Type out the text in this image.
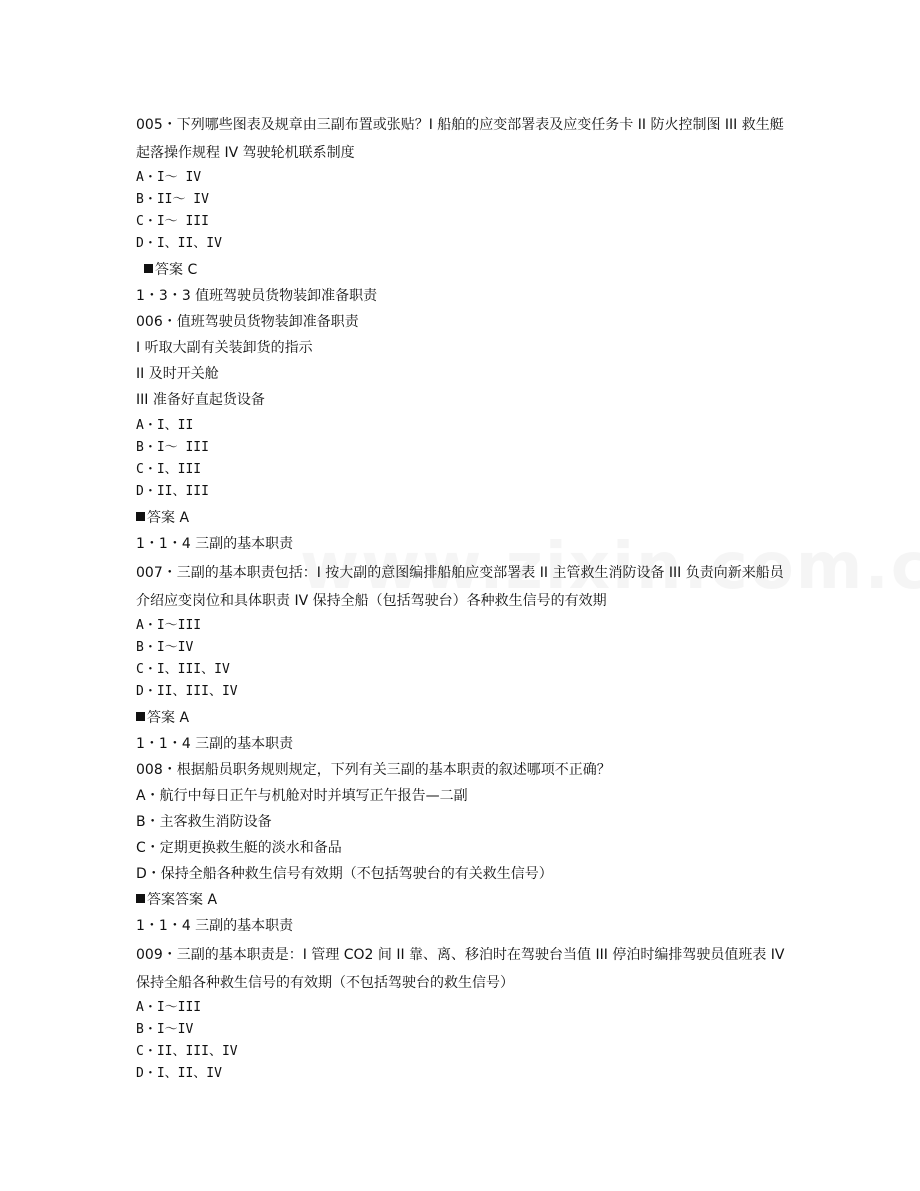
005・下列哪些图表及规章由三副布置或张贴？I 船舶的应变部署表及应变任务卡 II 防火控制图 III 救生艇起落操作规程 IV 驾驶轮机联系制度
A・I～ IV
B・II～ IV
C・I～ III
D・I、II、IV
答案 C
1・3・3 值班驾驶员货物装卸准备职责
006・值班驾驶员货物装卸准备职责
I 听取大副有关装卸货的指示
II 及时开关舱
III 准备好直起货设备
A・I、II
B・I～ III
C・I、III
D・II、III
答案 A
1・1・4 三副的基本职责
007・三副的基本职责包括：I 按大副的意图编排船舶应变部署表 II 主管救生消防设备 III 负责向新来船员介绍应变岗位和具体职责 IV 保持全船（包括驾驶台）各种救生信号的有效期
A・I～III
B・I～IV
C・I、III、IV
D・II、III、IV
答案 A
1・1・4 三副的基本职责
008・根据船员职务规则规定，下列有关三副的基本职责的叙述哪项不正确？
A・航行中每日正午与机舱对时并填写正午报告—二副
B・主客救生消防设备
C・定期更换救生艇的淡水和备品
D・保持全船各种救生信号有效期（不包括驾驶台的有关救生信号）
答案答案 A
1・1・4 三副的基本职责
009・三副的基本职责是：I 管理 CO2 间 II 靠、离、移泊时在驾驶台当值 III 停泊时编排驾驶员值班表 IV 保持全船各种救生信号的有效期（不包括驾驶台的救生信号）
A・I～III
B・I～IV
C・II、III、IV
D・I、II、IV
